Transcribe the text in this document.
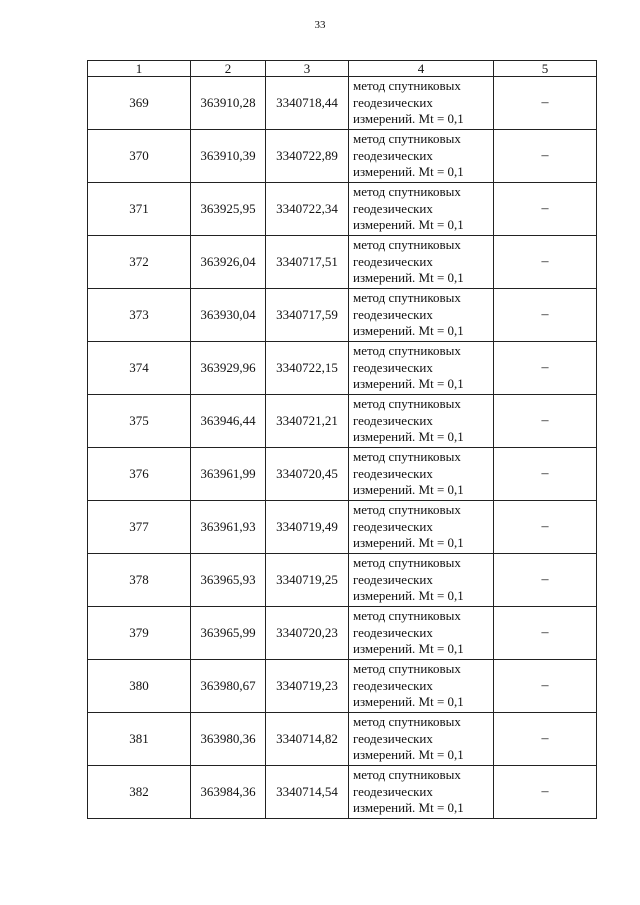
33
1	2	3	4	5
369	363910,28	3340718,44	метод спутниковых
геодезических
измерений. Mt = 0,1	–
370	363910,39	3340722,89	метод спутниковых
геодезических
измерений. Mt = 0,1	–
371	363925,95	3340722,34	метод спутниковых
геодезических
измерений. Mt = 0,1	–
372	363926,04	3340717,51	метод спутниковых
геодезических
измерений. Mt = 0,1	–
373	363930,04	3340717,59	метод спутниковых
геодезических
измерений. Mt = 0,1	–
374	363929,96	3340722,15	метод спутниковых
геодезических
измерений. Mt = 0,1	–
375	363946,44	3340721,21	метод спутниковых
геодезических
измерений. Mt = 0,1	–
376	363961,99	3340720,45	метод спутниковых
геодезических
измерений. Mt = 0,1	–
377	363961,93	3340719,49	метод спутниковых
геодезических
измерений. Mt = 0,1	–
378	363965,93	3340719,25	метод спутниковых
геодезических
измерений. Mt = 0,1	–
379	363965,99	3340720,23	метод спутниковых
геодезических
измерений. Mt = 0,1	–
380	363980,67	3340719,23	метод спутниковых
геодезических
измерений. Mt = 0,1	–
381	363980,36	3340714,82	метод спутниковых
геодезических
измерений. Mt = 0,1	–
382	363984,36	3340714,54	метод спутниковых
геодезических
измерений. Mt = 0,1	–
